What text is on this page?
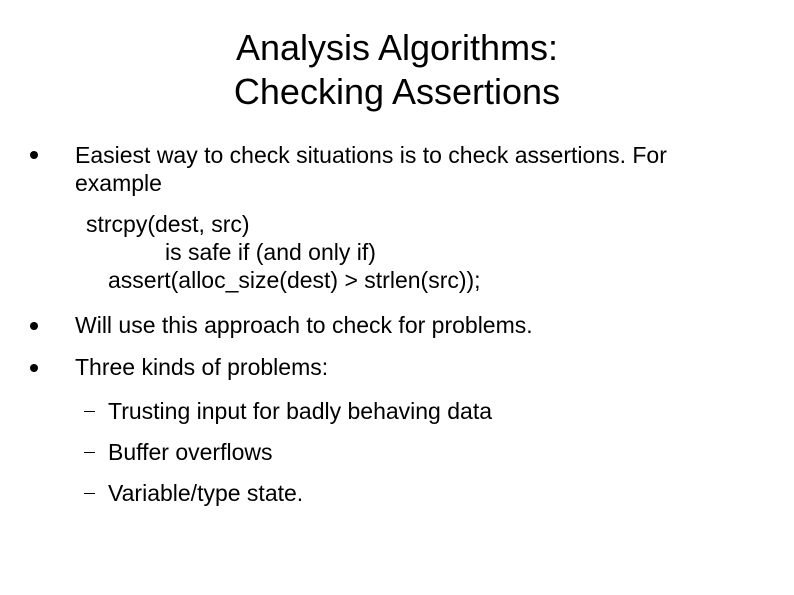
Analysis Algorithms:
Checking Assertions
Easiest way to check situations is to check assertions. For
example
strcpy(dest, src)
is safe if (and only if)
assert(alloc_size(dest) > strlen(src));
Will use this approach to check for problems.
Three kinds of problems:
Trusting input for badly behaving data
Buffer overflows
Variable/type state.
